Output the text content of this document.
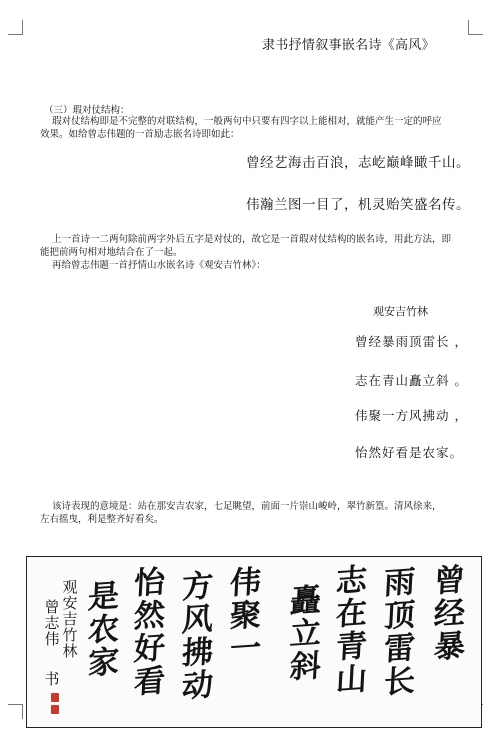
隶书抒情叙事嵌名诗《高风》
（三）瑕对仗结构：
瑕对仗结构即是不完整的对联结构，一般两句中只要有四字以上能相对，就能产生一定的呼应
效果。如给曾志伟题的一首励志嵌名诗即如此：
曾经艺海击百浪，志屹巅峰瞰千山。
伟瀚兰图一目了，机灵贻笑盛名传。
上一首诗一二两句除前两字外后五字是对仗的，故它是一首瑕对仗结构的嵌名诗，用此方法，即
能把前两句相对地结合在了一起。
再给曾志伟题一首抒情山水嵌名诗《观安吉竹林》：
观安吉竹林
曾经暴雨顶雷长 ，
志在青山矗立斜 。
伟聚一方风拂动 ，
怡然好看是农家。
该诗表现的意境是：站在那安吉农家，七足眺望，前面一片崇山峻岭，翠竹新篁。清风徐来，
左右摇曳，利是整齐好看矣。
曾
经
暴
雨
顶
雷
长
志
在
青
山
矗
立
斜
伟
聚
一
方
风
拂
动
怡
然
好
看
是
农
家
观
安
吉
竹
林
曾
志
伟
书
